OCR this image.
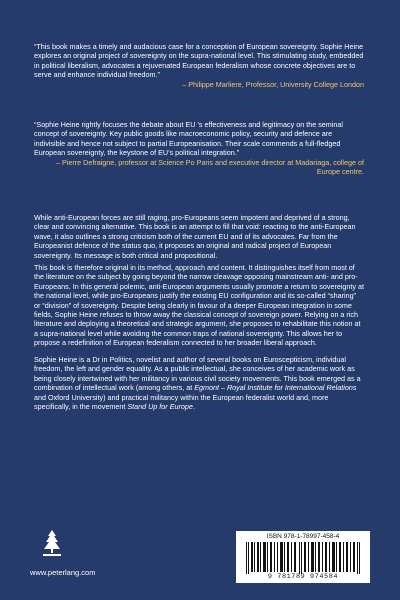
“This book makes a timely and audacious case for a conception of European sovereignty. Sophie Heine explores an original project of sovereignty on the supra-national level. This stimulating study, embedded in political liberalism, advocates a rejuvenated European federalism whose concrete objectives are to serve and enhance individual freedom.”

– Philippe Marliere, Professor, University College London

“Sophie Heine rightly focuses the debate about EU ’s effectiveness and legitimacy on the seminal concept of sovereignty. Key public goods like macroeconomic policy, security and defence are indivisible and hence not subject to partial Europeanisation. Their scale commends a full-fledged European sovereignty, the keystone of EU’s political integration.”

– Pierre Defraigne, professor at Science Po Paris and executive director at Madariaga, college of Europe centre.

While anti-European forces are still raging, pro-Europeans seem impotent and deprived of a strong, clear and convincing alternative. This book is an attempt to fill that void: reacting to the anti-European wave, it also outlines a strong criticism both of the current EU and of its advocates. Far from the Europeanist defence of the status quo, it proposes an original and radical project of European sovereignty. Its message is both critical and propositional.

This book is therefore original in its method, approach and content. It distinguishes itself from most of the literature on the subject by going beyond the narrow cleavage opposing mainstream anti- and pro-Europeans. In this general polemic, anti-European arguments usually promote a return to sovereignty at the national level, while pro-Europeans justify the existing EU configuration and its so-called “sharing” or “division” of sovereignty. Despite being clearly in favour of a deeper European integration in some fields, Sophie Heine refuses to throw away the classical concept of sovereign power. Relying on a rich literature and deploying a theoretical and strategic argument, she proposes to rehabilitate this notion at a supra-national level while avoiding the common traps of national sovereignty. This allows her to propose a redefinition of European federalism connected to her broader liberal approach.

Sophie Heine is a Dr in Politics, novelist and author of several books on Euroscepticism, individual freedom, the left and gender equality. As a public intellectual, she conceives of her academic work as being closely intertwined with her militancy in various civil society movements. This book emerged as a combination of intellectual work (among others, at Egmont – Royal Institute for International Relations and Oxford University) and practical militancy within the European federalist world and, more specifically, in the movement Stand Up for Europe.

www.peterlang.com
ISBN 978-1-78997-458-4
9 781789 974584
